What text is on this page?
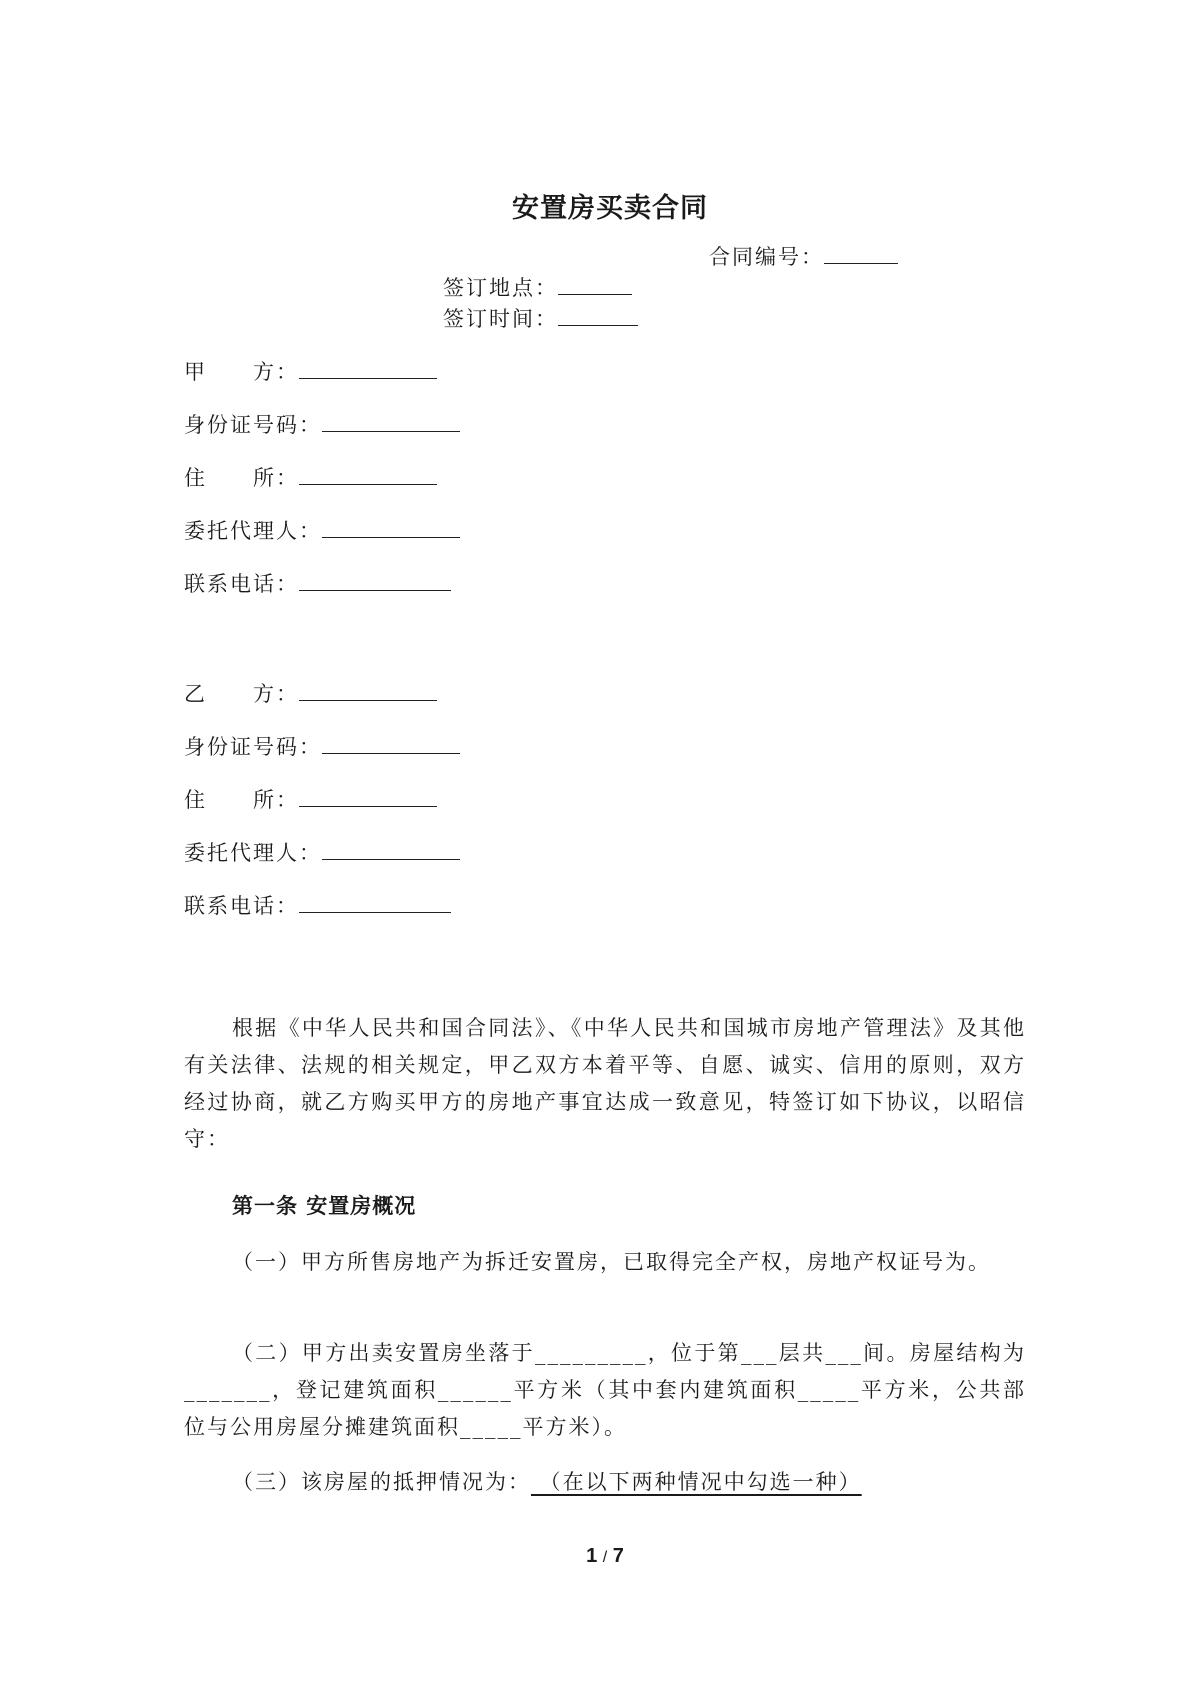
安置房买卖合同
合同编号：
签订地点：
签订时间：
甲　　方：
身份证号码：
住　　所：
委托代理人：
联系电话：
乙　　方：
身份证号码：
住　　所：
委托代理人：
联系电话：
根据《中华人民共和国合同法》、《中华人民共和国城市房地产管理法》及其他有关法律、法规的相关规定，甲乙双方本着平等、自愿、诚实、信用的原则，双方经过协商，就乙方购买甲方的房地产事宜达成一致意见，特签订如下协议，以昭信守：
第一条 安置房概况
（一）甲方所售房地产为拆迁安置房，已取得完全产权，房地产权证号为。
（二）甲方出卖安置房坐落于_________，位于第___层共___间。房屋结构为_______，登记建筑面积______平方米（其中套内建筑面积_____平方米，公共部位与公用房屋分摊建筑面积_____平方米）。
（三）该房屋的抵押情况为： （在以下两种情况中勾选一种）
1 / 7
